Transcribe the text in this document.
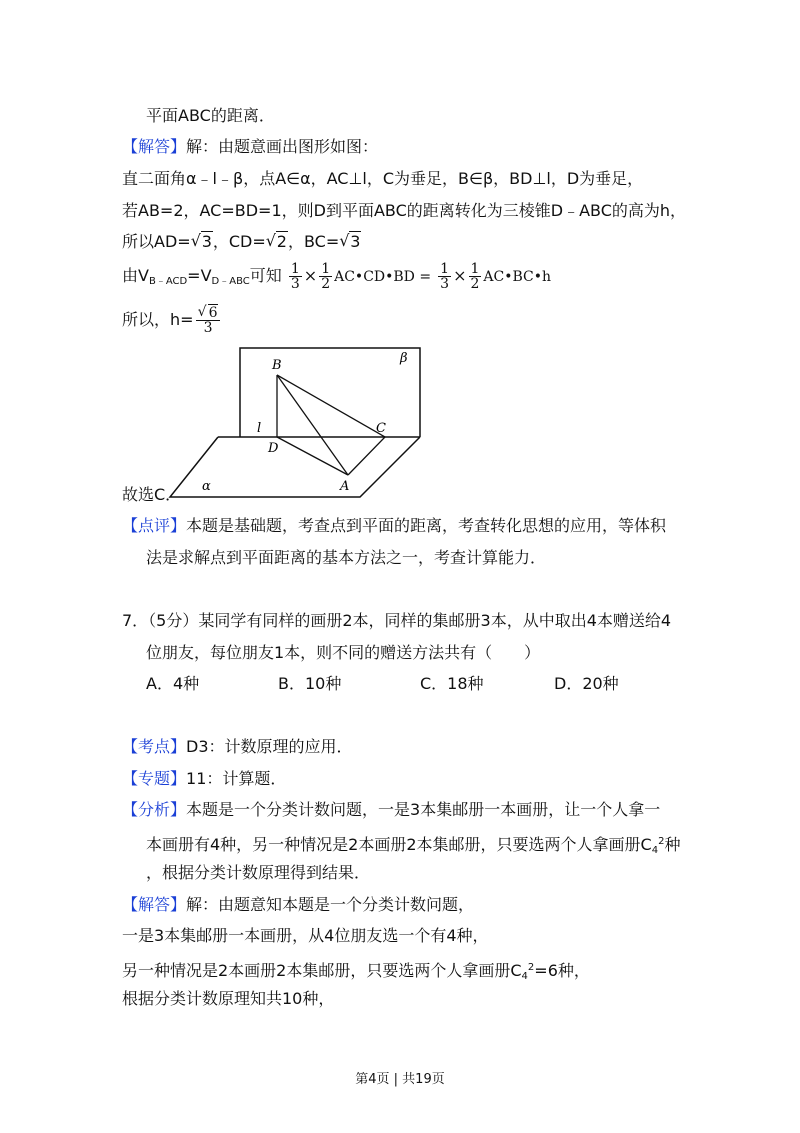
平面ABC的距离．
【解答】解：由题意画出图形如图：
直二面角α﹣l﹣β，点A∈α，AC⊥l，C为垂足，B∈β，BD⊥l，D为垂足，
若AB=2，AC=BD=1，则D到平面ABC的距离转化为三棱锥D﹣ABC的高为h，
所以AD= √ 3，CD= √ 2，BC= √ 3
由$V_{B﹣ACD}=V_{D﹣ABC}$可知 $\frac{1}{3} \times \frac{1}{2}$ AC•CD•BD = $\frac{1}{3} \times \frac{1}{2}$ AC•BC•h
所以，h= √ $\frac{6}{3}$
B	β
l	C
D
A
α
故选C．
【点评】本题是基础题，考查点到平面的距离，考查转化思想的应用，等体积
法是求解点到平面距离的基本方法之一，考查计算能力．
7．（5分）某同学有同样的画册2本，同样的集邮册3本，从中取出4本赠送给4
位朋友，每位朋友1本，则不同的赠送方法共有（　　）
A．4种	B．10种	C．18种	D．20种
【考点】D3：计数原理的应用．
【专题】11：计算题．
【分析】本题是一个分类计数问题，一是3本集邮册一本画册，让一个人拿一
本画册有4种，另一种情况是2本画册2本集邮册，只要选两个人拿画册$C_4^2$种
，根据分类计数原理得到结果．
【解答】解：由题意知本题是一个分类计数问题，
一是3本集邮册一本画册，从4位朋友选一个有4种，
另一种情况是2本画册2本集邮册，只要选两个人拿画册$C_4^2=6$种，
根据分类计数原理知共10种，
第4页 | 共19页
